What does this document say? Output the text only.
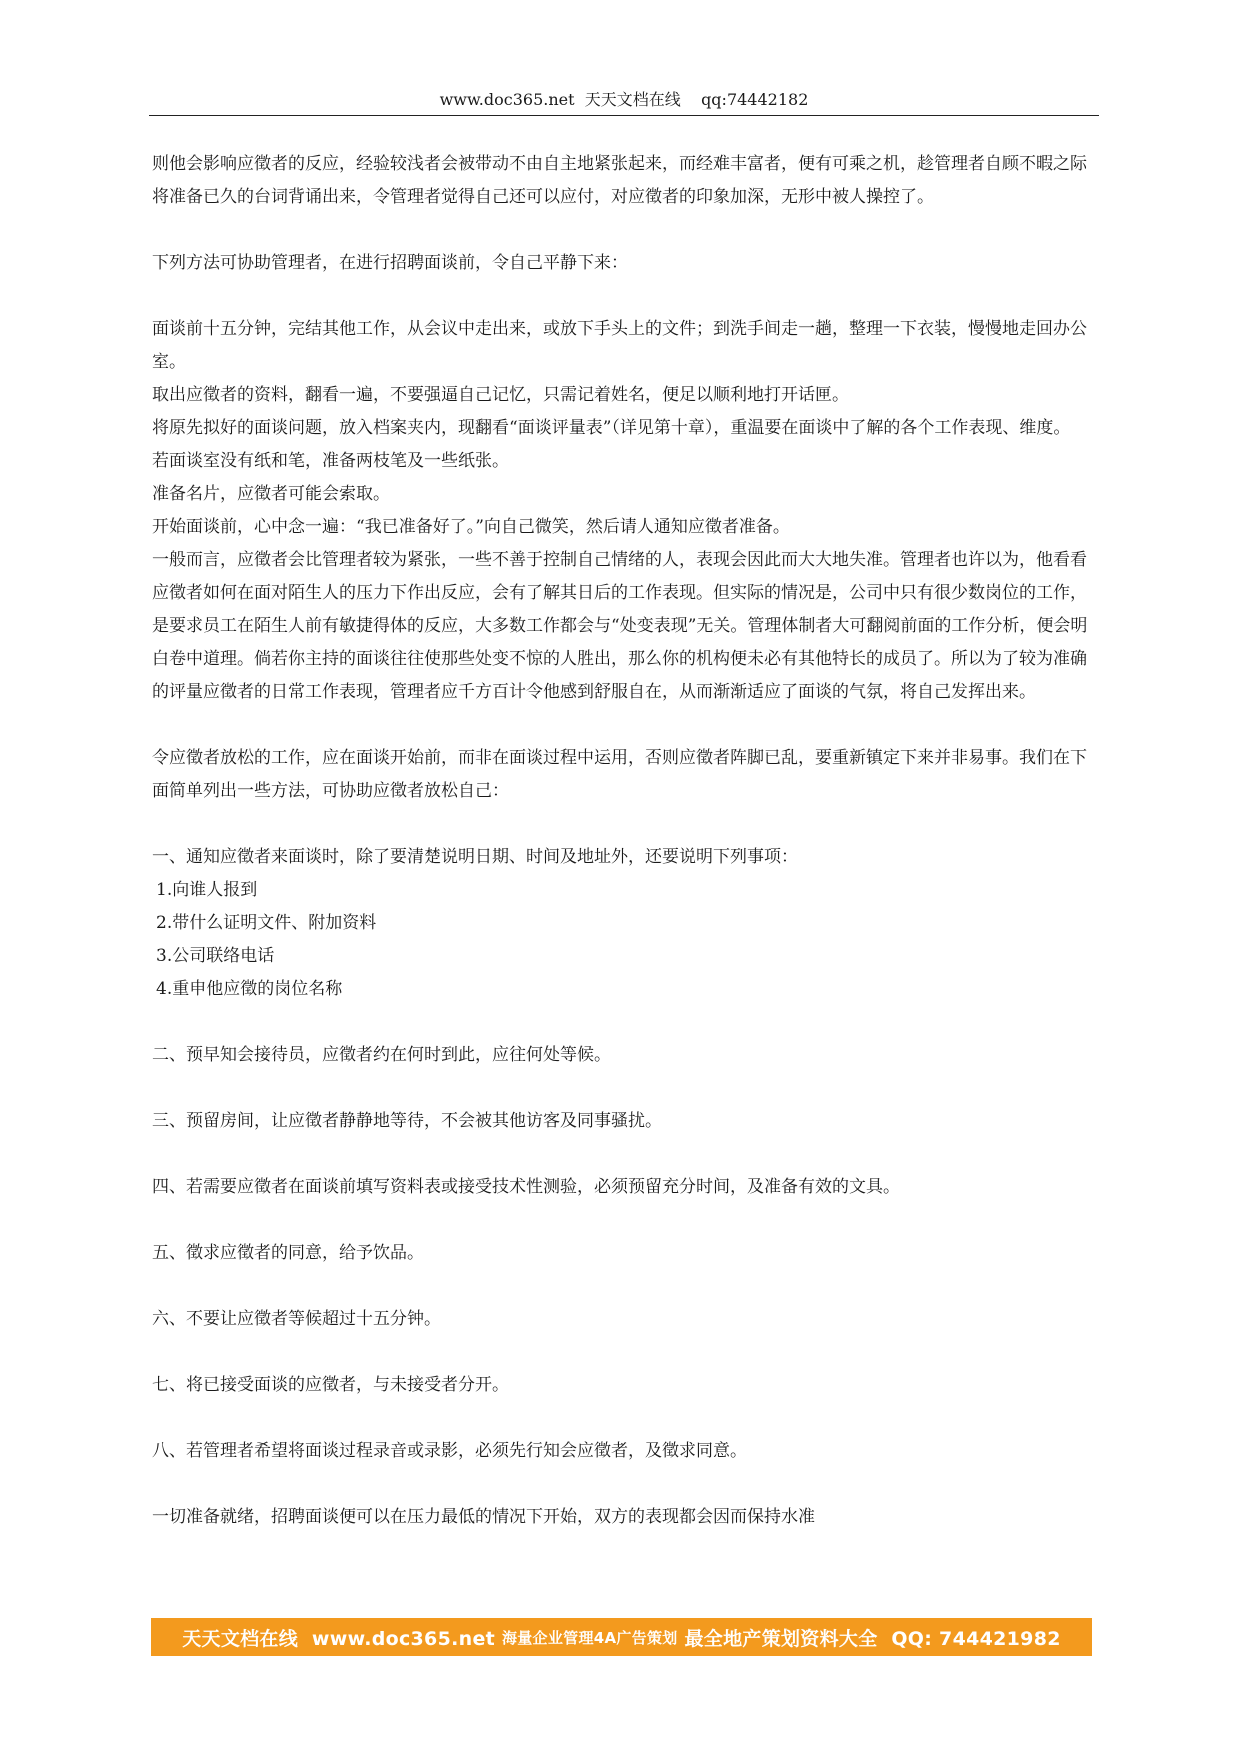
www.doc365.net  天天文档在线    qq:74442182

则他会影响应徵者的反应，经验较浅者会被带动不由自主地紧张起来，而经难丰富者，便有可乘之机，趁管理者自顾不暇之际将准备已久的台词背诵出来，令管理者觉得自己还可以应付，对应徵者的印象加深，无形中被人操控了。

下列方法可协助管理者，在进行招聘面谈前，令自己平静下来：

面谈前十五分钟，完结其他工作，从会议中走出来，或放下手头上的文件；到洗手间走一趟，整理一下衣装，慢慢地走回办公室。

取出应徵者的资料，翻看一遍，不要强逼自己记忆，只需记着姓名，便足以顺利地打开话匣。

将原先拟好的面谈问题，放入档案夹内，现翻看“面谈评量表”（详见第十章），重温要在面谈中了解的各个工作表现、维度。

若面谈室没有纸和笔，准备两枝笔及一些纸张。

准备名片，应徵者可能会索取。

开始面谈前，心中念一遍：“我已准备好了。”向自己微笑，然后请人通知应徵者准备。

一般而言，应徵者会比管理者较为紧张，一些不善于控制自己情绪的人，表现会因此而大大地失准。管理者也许以为，他看看应徵者如何在面对陌生人的压力下作出反应，会有了解其日后的工作表现。但实际的情况是，公司中只有很少数岗位的工作，是要求员工在陌生人前有敏捷得体的反应，大多数工作都会与“处变表现”无关。管理体制者大可翻阅前面的工作分析，便会明白卷中道理。倘若你主持的面谈往往使那些处变不惊的人胜出，那么你的机构便未必有其他特长的成员了。所以为了较为准确的评量应徵者的日常工作表现，管理者应千方百计令他感到舒服自在，从而渐渐适应了面谈的气氛，将自己发挥出来。

令应徵者放松的工作，应在面谈开始前，而非在面谈过程中运用，否则应徵者阵脚已乱，要重新镇定下来并非易事。我们在下面简单列出一些方法，可协助应徵者放松自己：

一、通知应徵者来面谈时，除了要清楚说明日期、时间及地址外，还要说明下列事项：

1.向谁人报到

2.带什么证明文件、附加资料

3.公司联络电话

4.重申他应徵的岗位名称

二、预早知会接待员，应徵者约在何时到此，应往何处等候。

三、预留房间，让应徵者静静地等待，不会被其他访客及同事骚扰。

四、若需要应徵者在面谈前填写资料表或接受技术性测验，必须预留充分时间，及准备有效的文具。

五、徵求应徵者的同意，给予饮品。

六、不要让应徵者等候超过十五分钟。

七、将已接受面谈的应徵者，与未接受者分开。

八、若管理者希望将面谈过程录音或录影，必须先行知会应徵者，及徵求同意。

一切准备就绪，招聘面谈便可以在压力最低的情况下开始，双方的表现都会因而保持水准

天天文档在线  www.doc365.net 海量企业管理4A广告策划 最全地产策划资料大全  QQ: 744421982
